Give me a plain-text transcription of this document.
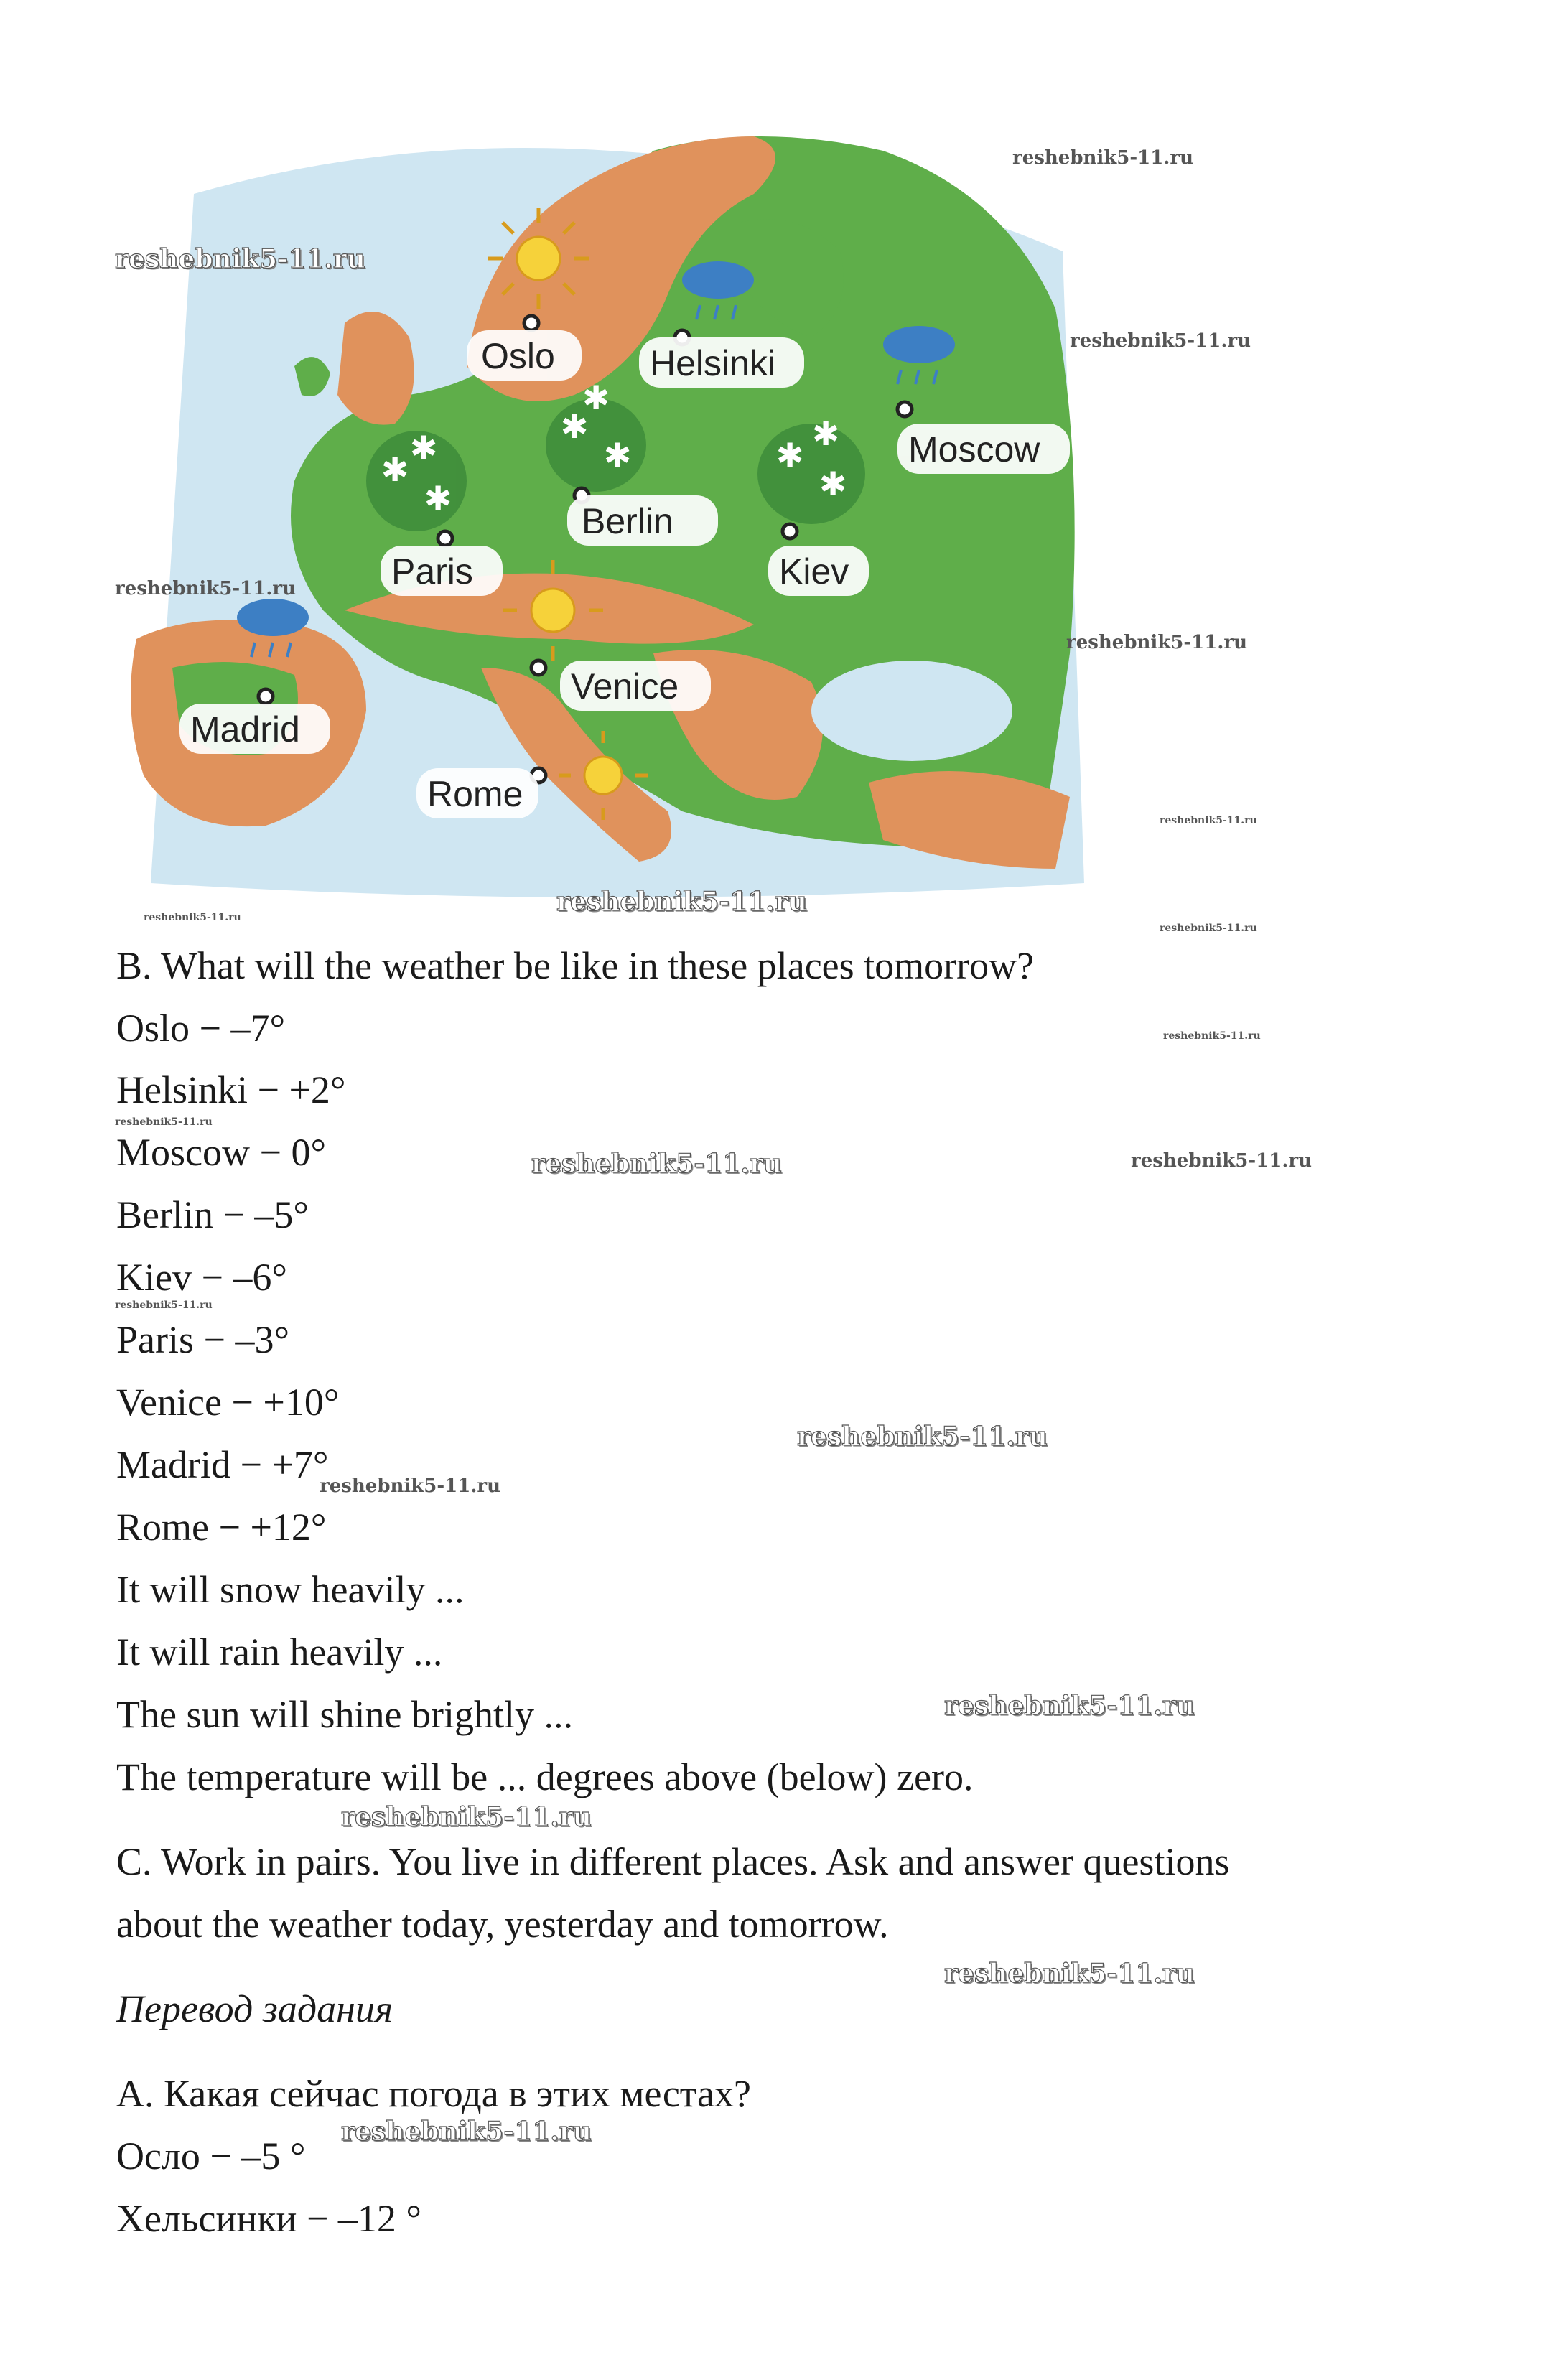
✱
✱
✱
✱
✱
✱
✱
✱
✱
Oslo	Helsinki
Moscow
Berlin
Paris	Kiev
Venice
Madrid
Rome
B. What will the weather be like in these places tomorrow?
Oslo − –7°
Helsinki − +2°
Moscow − 0°
Berlin − –5°
Kiev − –6°
Paris − –3°
Venice − +10°
Madrid − +7°
Rome − +12°
It will snow heavily ...
It will rain heavily ...
The sun will shine brightly ...
The temperature will be ... degrees above (below) zero.
C. Work in pairs. You live in different places. Ask and answer questions
about the weather today, yesterday and tomorrow.
Перевод задания
А. Какая сейчас погода в этих местах?
Осло − –5 °
Хельсинки − –12 °
reshebnik5-11.ru
reshebnik5-11.ru
reshebnik5-11.ru
reshebnik5-11.ru
reshebnik5-11.ru
reshebnik5-11.ru
reshebnik5-11.ru
reshebnik5-11.ru
reshebnik5-11.ru
reshebnik5-11.ru
reshebnik5-11.ru
reshebnik5-11.ru	reshebnik5-11.ru
reshebnik5-11.ru
reshebnik5-11.ru
reshebnik5-11.ru
reshebnik5-11.ru
reshebnik5-11.ru
reshebnik5-11.ru
reshebnik5-11.ru
